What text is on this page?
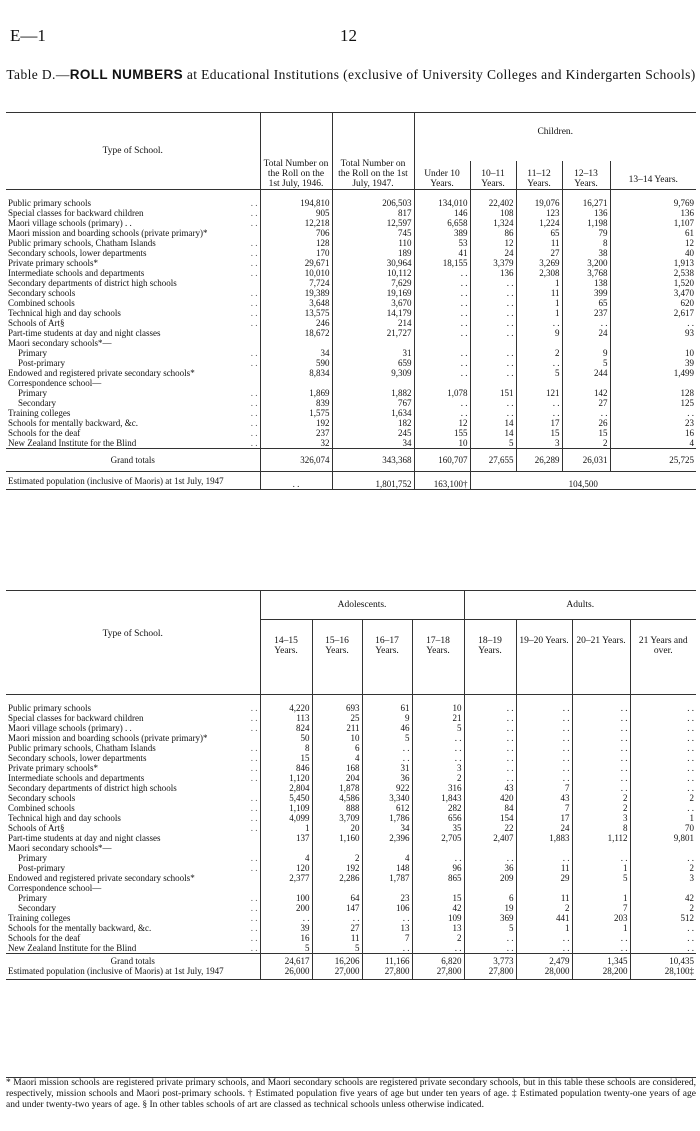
E—1	12
Table D.—ROLL NUMBERS at Educational Institutions (exclusive of University Colleges and Kindergarten Schools)
Type of School.	Total Number on the Roll on the 1st July, 1946.	Total Number on the Roll on the 1st July, 1947.	Children.				
			Under 10 Years.	10–11 Years.	11–12 Years.	12–13 Years.	13–14 Years.
Public primary schools . .	194,810	206,503	134,010	22,402	19,076	16,271	9,769
Special classes for backward children . .	905	817	146	108	123	136	136
Maori village schools (primary) . . . .	12,218	12,597	6,658	1,324	1,224	1,198	1,107
Maori mission and boarding schools (private primary)*	706	745	389	86	65	79	61
Public primary schools, Chatham Islands . .	128	110	53	12	11	8	12
Secondary schools, lower departments . .	170	189	41	24	27	38	40
Private primary schools* . .	29,671	30,964	18,155	3,379	3,269	3,200	1,913
Intermediate schools and departments . .	10,010	10,112	. .	136	2,308	3,768	2,538
Secondary departments of district high schools	7,724	7,629	. .	. .	1	138	1,520
Secondary schools . .	19,389	19,169	. .	. .	11	399	3,470
Combined schools . .	3,648	3,670	. .	. .	1	65	620
Technical high and day schools . .	13,575	14,179	. .	. .	1	237	2,617
Schools of Art§ . .	246	214	. .	. .	. .	. .	. .
Part-time students at day and night classes	18,672	21,727	. .	. .	9	24	93
Maori secondary schools*—							
Primary . .	34	31	. .	. .	2	9	10
Post-primary . .	590	659	. .	. .	. .	5	39
Endowed and registered private secondary schools*	8,834	9,309	. .	. .	5	244	1,499
Correspondence school—							
Primary . .	1,869	1,882	1,078	151	121	142	128
Secondary . .	839	767	. .	. .	. .	27	125
Training colleges . .	1,575	1,634	. .	. .	. .	. .	. .
Schools for mentally backward, &c. . .	192	182	12	14	17	26	23
Schools for the deaf . .	237	245	155	14	15	15	16
New Zealand Institute for the Blind . .	32	34	10	5	3	2	4
Grand totals	326,074	343,368	160,707	27,655	26,289	26,031	25,725
Estimated population (inclusive of Maoris) at 1st July, 1947	. .	1,801,752	163,100†	104,500			
Type of School.	Adolescents.				Adults.			
	14–15 Years.	15–16 Years.	16–17 Years.	17–18 Years.	18–19 Years.	19–20 Years.	20–21 Years.	21 Years and over.
Public primary schools . .	4,220	693	61	10	. .	. .	. .	. .
Special classes for backward children . .	113	25	9	21	. .	. .	. .	. .
Maori village schools (primary) . . . .	824	211	46	5	. .	. .	. .	. .
Maori mission and boarding schools (private primary)*	50	10	5	. .	. .	. .	. .	. .
Public primary schools, Chatham Islands . .	8	6	. .	. .	. .	. .	. .	. .
Secondary schools, lower departments . .	15	4	. .	. .	. .	. .	. .	. .
Private primary schools* . .	846	168	31	3	. .	. .	. .	. .
Intermediate schools and departments . .	1,120	204	36	2	. .	. .	. .	. .
Secondary departments of district high schools	2,804	1,878	922	316	43	7	. .	. .
Secondary schools . .	5,450	4,586	3,340	1,843	420	43	2	2
Combined schools . .	1,109	888	612	282	84	7	2	. .
Technical high and day schools . .	4,099	3,709	1,786	656	154	17	3	1
Schools of Art§ . .	1	20	34	35	22	24	8	70
Part-time students at day and night classes	137	1,160	2,396	2,705	2,407	1,883	1,112	9,801
Maori secondary schools*—								
Primary . .	4	2	4	. .	. .	. .	. .	. .
Post-primary . .	120	192	148	96	36	11	1	2
Endowed and registered private secondary schools*	2,377	2,286	1,787	865	209	29	5	3
Correspondence school—								
Primary . .	100	64	23	15	6	11	1	42
Secondary . .	200	147	106	42	19	2	7	2
Training colleges . .	. .	. .	. .	109	369	441	203	512
Schools for the mentally backward, &c. . .	39	27	13	13	5	1	1	. .
Schools for the deaf . .	16	11	7	2	. .	. .	. .	. .
New Zealand Institute for the Blind . .	5	5	. .	. .	. .	. .	. .	. .
Grand totals	24,617	16,206	11,166	6,820	3,773	2,479	1,345	10,435
Estimated population (inclusive of Maoris) at 1st July, 1947	26,000	27,000	27,800	27,800	27,800	28,000	28,200	28,100‡
* Maori mission schools are registered private primary schools, and Maori secondary schools are registered private secondary schools, but in this table these schools are considered, respectively, mission schools and Maori post-primary schools. † Estimated population five years of age but under ten years of age. ‡ Estimated population twenty-one years of age and under twenty-two years of age. § In other tables schools of art are classed as technical schools unless otherwise indicated.
